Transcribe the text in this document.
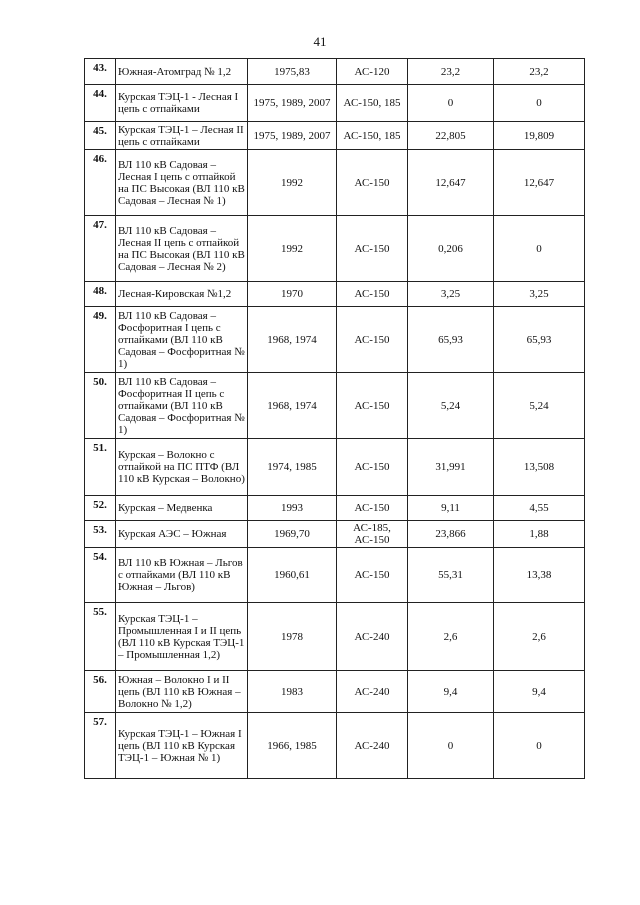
41
43.	Южная-Атомград № 1,2	1975,83	АС-120	23,2	23,2
44.	Курская ТЭЦ-1 - Лесная I цепь с отпайками	1975, 1989, 2007	АС-150, 185	0	0
45.	Курская ТЭЦ-1 – Лесная II цепь с отпайками	1975, 1989, 2007	АС-150, 185	22,805	19,809
46.	ВЛ 110 кВ Садовая – Лесная I цепь с отпайкой на ПС Высокая (ВЛ 110 кВ Садовая – Лесная № 1)	1992	АС-150	12,647	12,647
47.	ВЛ 110 кВ Садовая – Лесная II цепь с отпайкой на ПС Высокая (ВЛ 110 кВ Садовая – Лесная № 2)	1992	АС-150	0,206	0
48.	Лесная-Кировская №1,2	1970	АС-150	3,25	3,25
49.	ВЛ 110 кВ Садовая – Фосфоритная I цепь с отпайками (ВЛ 110 кВ Садовая – Фосфоритная № 1)	1968, 1974	АС-150	65,93	65,93
50.	ВЛ 110 кВ Садовая – Фосфоритная II цепь с отпайками (ВЛ 110 кВ Садовая – Фосфоритная № 1)	1968, 1974	АС-150	5,24	5,24
51.	Курская – Волокно с отпайкой на ПС ПТФ (ВЛ 110 кВ Курская – Волокно)	1974, 1985	АС-150	31,991	13,508
52.	Курская – Медвенка	1993	АС-150	9,11	4,55
53.	Курская АЭС – Южная	1969,70	АС-185, АС-150	23,866	1,88
54.	ВЛ 110 кВ Южная – Льгов с отпайками (ВЛ 110 кВ Южная – Льгов)	1960,61	АС-150	55,31	13,38
55.	Курская ТЭЦ-1 – Промышленная I и II цепь (ВЛ 110 кВ Курская ТЭЦ-1 – Промышленная 1,2)	1978	АС-240	2,6	2,6
56.	Южная – Волокно I и II цепь (ВЛ 110 кВ Южная – Волокно № 1,2)	1983	АС-240	9,4	9,4
57.	Курская ТЭЦ-1 – Южная I цепь (ВЛ 110 кВ Курская ТЭЦ-1 – Южная № 1)	1966, 1985	АС-240	0	0
